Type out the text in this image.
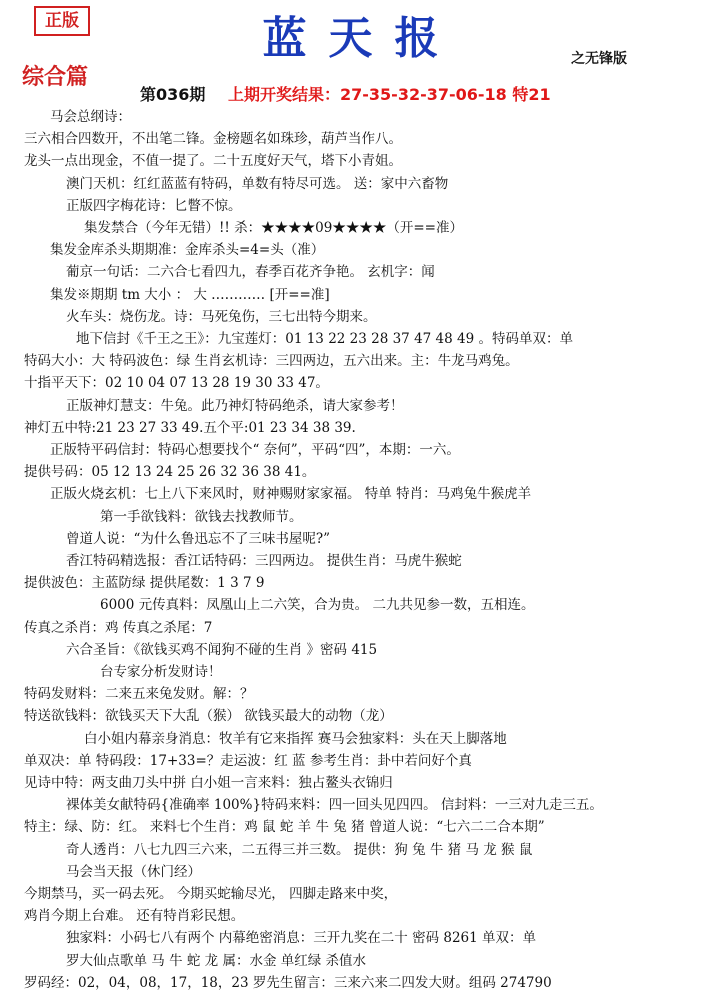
正版	蓝天报	之无锋版
综合篇
第036期 上期开奖结果：27-35-32-37-06-18 特21
马会总纲诗：
三六相合四数开，不出笔二锋。金榜题名如珠珍，葫芦当作八。
龙头一点出现金，不值一提了。二十五度好天气，塔下小青姐。
澳门天机：红红蓝蓝有特码，单数有特尽可选。 送：家中六畜物
正版四字梅花诗：匕瞥不惊。
集发禁合（今年无错）!! 杀：★★★★09★★★★（开==准）
集发金库杀头期期准：金库杀头=4=头（准）
葡京一句话：二六合七看四九，春季百花齐争艳。 玄机字：闻
集发※期期 tm 大小 ： 大 ………… [开==准]
火车头：烧伤龙。诗：马死兔伤，三七出特今期来。
地下信封《千王之王》：九宝莲灯：01 13 22 23 28 37 47 48 49 。特码单双：单
特码大小：大 特码波色：绿 生肖玄机诗：三四两边，五六出来。主：牛龙马鸡兔。
十指平天下：02 10 04 07 13 28 19 30 33 47。
正版神灯慧支：牛兔。此乃神灯特码绝杀，请大家参考！
神灯五中特:21 23 27 33 49.五个平:01 23 34 38 39.
正版特平码信封：特码心想要找个“ 奈何”，平码“四”，本期：一六。
提供号码：05 12 13 24 25 26 32 36 38 41。
正版火烧玄机：七上八下来风时，财神赐财家家福。 特单 特肖：马鸡兔牛猴虎羊
第一手欲钱料：欲钱去找教师节。
曾道人说：“为什么鲁迅忘不了三味书屋呢?”
香江特码精选报：香江话特码：三四两边。 提供生肖：马虎牛猴蛇
提供波色：主蓝防绿 提供尾数：1 3 7 9
6000 元传真料：凤凰山上二六笑，合为贵。 二九共见参一数，五相连。
传真之杀肖：鸡 传真之杀尾：7
六合圣旨：《欲钱买鸡不闻狗不碰的生肖 》密码 415
台专家分析发财诗！
特码发财料：二来五来兔发财。解：？
特送欲钱料：欲钱买天下大乱（猴） 欲钱买最大的动物（龙）
白小姐内幕亲身消息：牧羊有它来指挥 赛马会独家料：头在天上脚落地
单双决：单 特码段：17+33=？走运波：红 蓝 参考生肖：卦中若问好个真
见诗中特：两支曲刀头中拼 白小姐一言来料：独占鳌头衣锦归
裸体美女献特码{准确率 100%}特码来料：四一回头见四四。 信封料：一三对九走三五。
特主：绿、防：红。 来料七个生肖：鸡 鼠 蛇 羊 牛 兔 猪 曾道人说：“七六二二合本期”
奇人透肖：八七九四三六来，二五得三并三数。 提供：狗 兔 牛 猪 马 龙 猴 鼠
马会当天报（休门经）
今期禁马，买一码去死。 今期买蛇输尽光， 四脚走路来中奖，
鸡肖今期上台难。 还有特肖彩民想。
独家料：小码七八有两个 内幕绝密消息：三开九奖在二十 密码 8261 单双：单
罗大仙点歌单 马 牛 蛇 龙 属：水金 单红绿 杀值水
罗码经：02，04，08，17，18，23 罗先生留言：三来六来二四发大财。组码 274790
